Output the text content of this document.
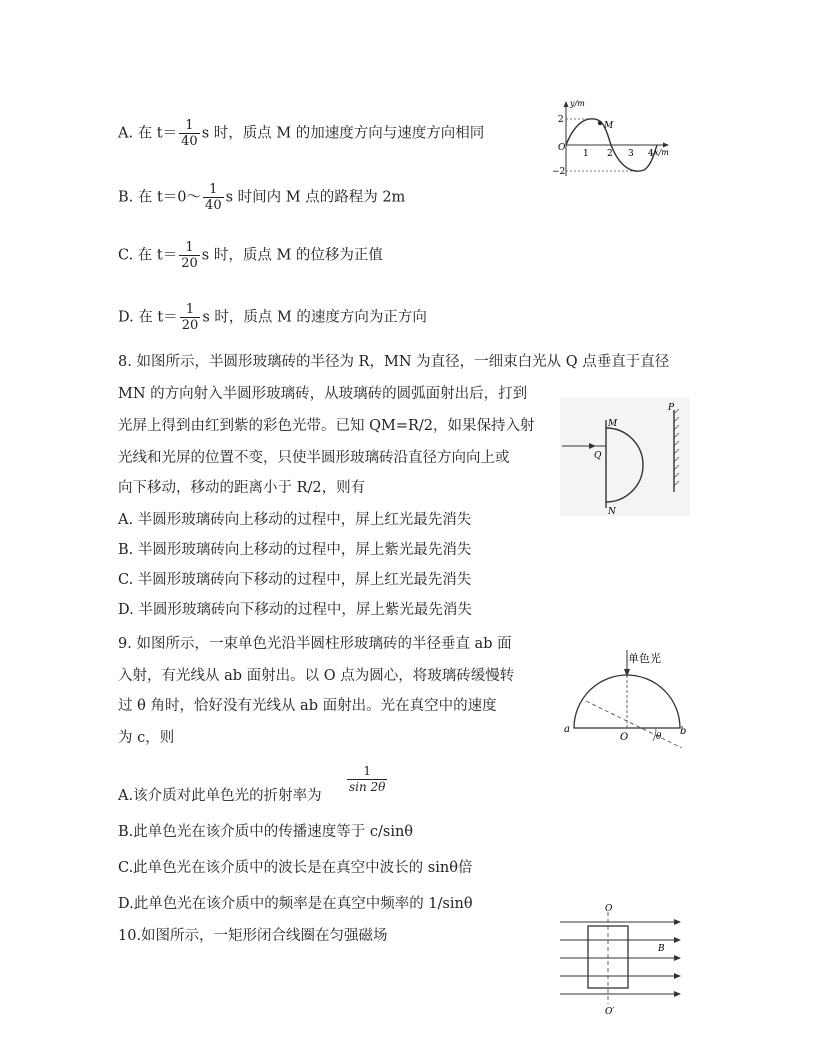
A. 在 $t= \frac{1}{40}$ s 时，质点 M 的加速度方向与速度方向相同
B. 在 t＝0～ $\frac{1}{40}$ s 时间内 M 点的路程为 2m
C. 在 $t= \frac{1}{20}$ s 时，质点 M 的位移为正值
D. 在 $t= \frac{1}{20}$ s 时，质点 M 的速度方向为正方向
y/m
x/m
O
2
−2
1 2 3 4
M
8. 如图所示，半圆形玻璃砖的半径为 R，MN 为直径，一细束白光从 Q 点垂直于直径
MN 的方向射入半圆形玻璃砖，从玻璃砖的圆弧面射出后，打到
光屏上得到由红到紫的彩色光带。已知 QM=R/2，如果保持入射
光线和光屏的位置不变，只使半圆形玻璃砖沿直径方向向上或
向下移动，移动的距离小于 R/2，则有
A. 半圆形玻璃砖向上移动的过程中，屏上红光最先消失
B. 半圆形玻璃砖向上移动的过程中，屏上紫光最先消失
C. 半圆形玻璃砖向下移动的过程中，屏上红光最先消失
D. 半圆形玻璃砖向下移动的过程中，屏上紫光最先消失
M
Q
N
P
9. 如图所示，一束单色光沿半圆柱形玻璃砖的半径垂直 ab 面
入射，有光线从 ab 面射出。以 O 点为圆心，将玻璃砖缓慢转
过 θ 角时，恰好没有光线从 ab 面射出。光在真空中的速度
为 c，则
A.该介质对此单色光的折射率为
$\frac{1}{\sin 2\theta}$
B.此单色光在该介质中的传播速度等于 c/sinθ
C.此单色光在该介质中的波长是在真空中波长的 sinθ倍
D.此单色光在该介质中的频率是在真空中频率的 1/sinθ
单色光
a
O
b
θ
10.如图所示，一矩形闭合线圈在匀强磁场
O
O′
B
